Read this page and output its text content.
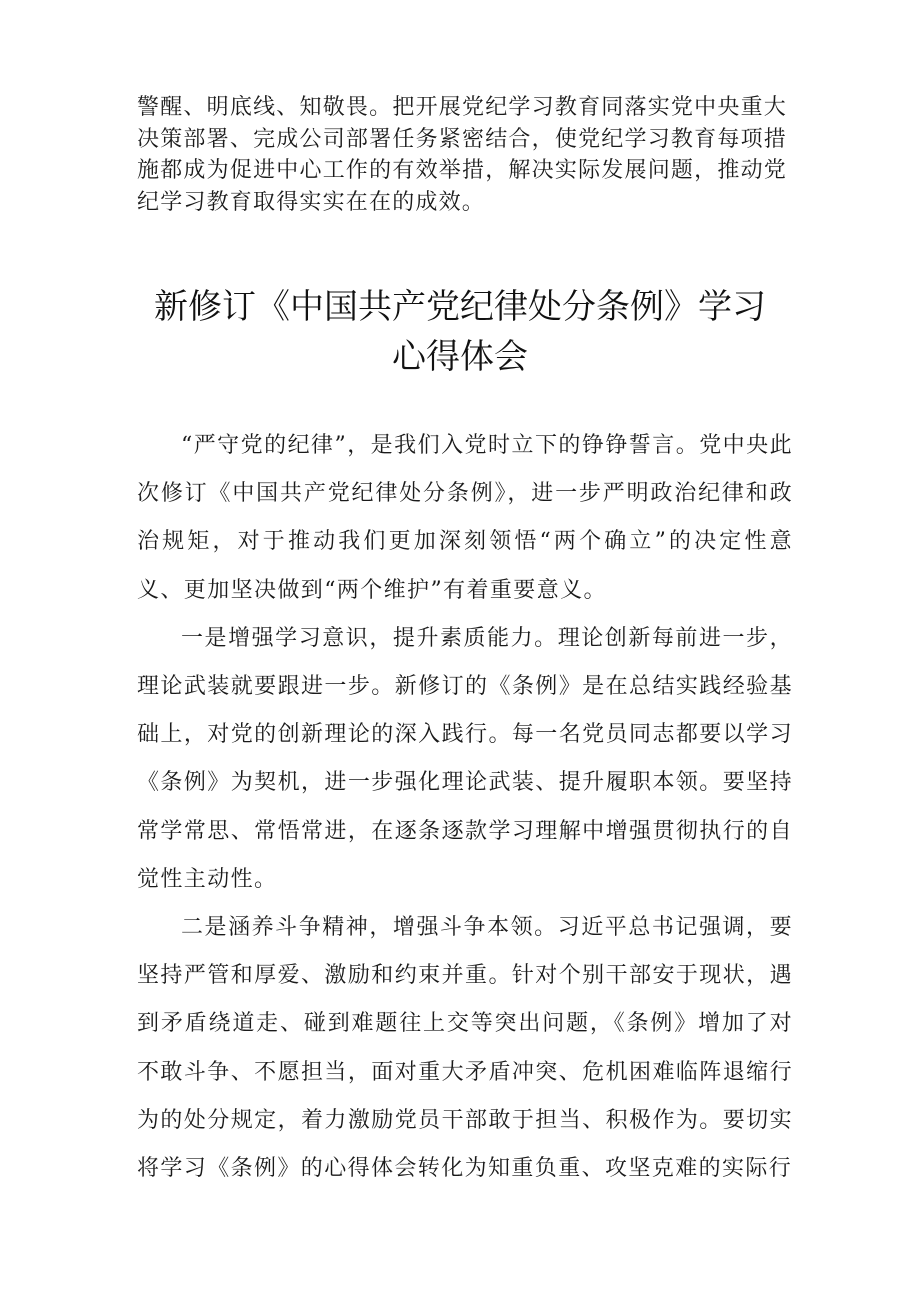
警醒、明底线、知敬畏。把开展党纪学习教育同落实党中央重大决策部署、完成公司部署任务紧密结合，使党纪学习教育每项措施都成为促进中心工作的有效举措，解决实际发展问题，推动党纪学习教育取得实实在在的成效。

新修订《中国共产党纪律处分条例》学习
心得体会

“严守党的纪律”，是我们入党时立下的铮铮誓言。党中央此次修订《中国共产党纪律处分条例》，进一步严明政治纪律和政治规矩，对于推动我们更加深刻领悟“两个确立”的决定性意义、更加坚决做到“两个维护”有着重要意义。

一是增强学习意识，提升素质能力。理论创新每前进一步，理论武装就要跟进一步。新修订的《条例》是在总结实践经验基础上，对党的创新理论的深入践行。每一名党员同志都要以学习《条例》为契机，进一步强化理论武装、提升履职本领。要坚持常学常思、常悟常进，在逐条逐款学习理解中增强贯彻执行的自觉性主动性。

二是涵养斗争精神，增强斗争本领。习近平总书记强调，要坚持严管和厚爱、激励和约束并重。针对个别干部安于现状，遇到矛盾绕道走、碰到难题往上交等突出问题，《条例》增加了对不敢斗争、不愿担当，面对重大矛盾冲突、危机困难临阵退缩行为的处分规定，着力激励党员干部敢于担当、积极作为。要切实将学习《条例》的心得体会转化为知重负重、攻坚克难的实际行
